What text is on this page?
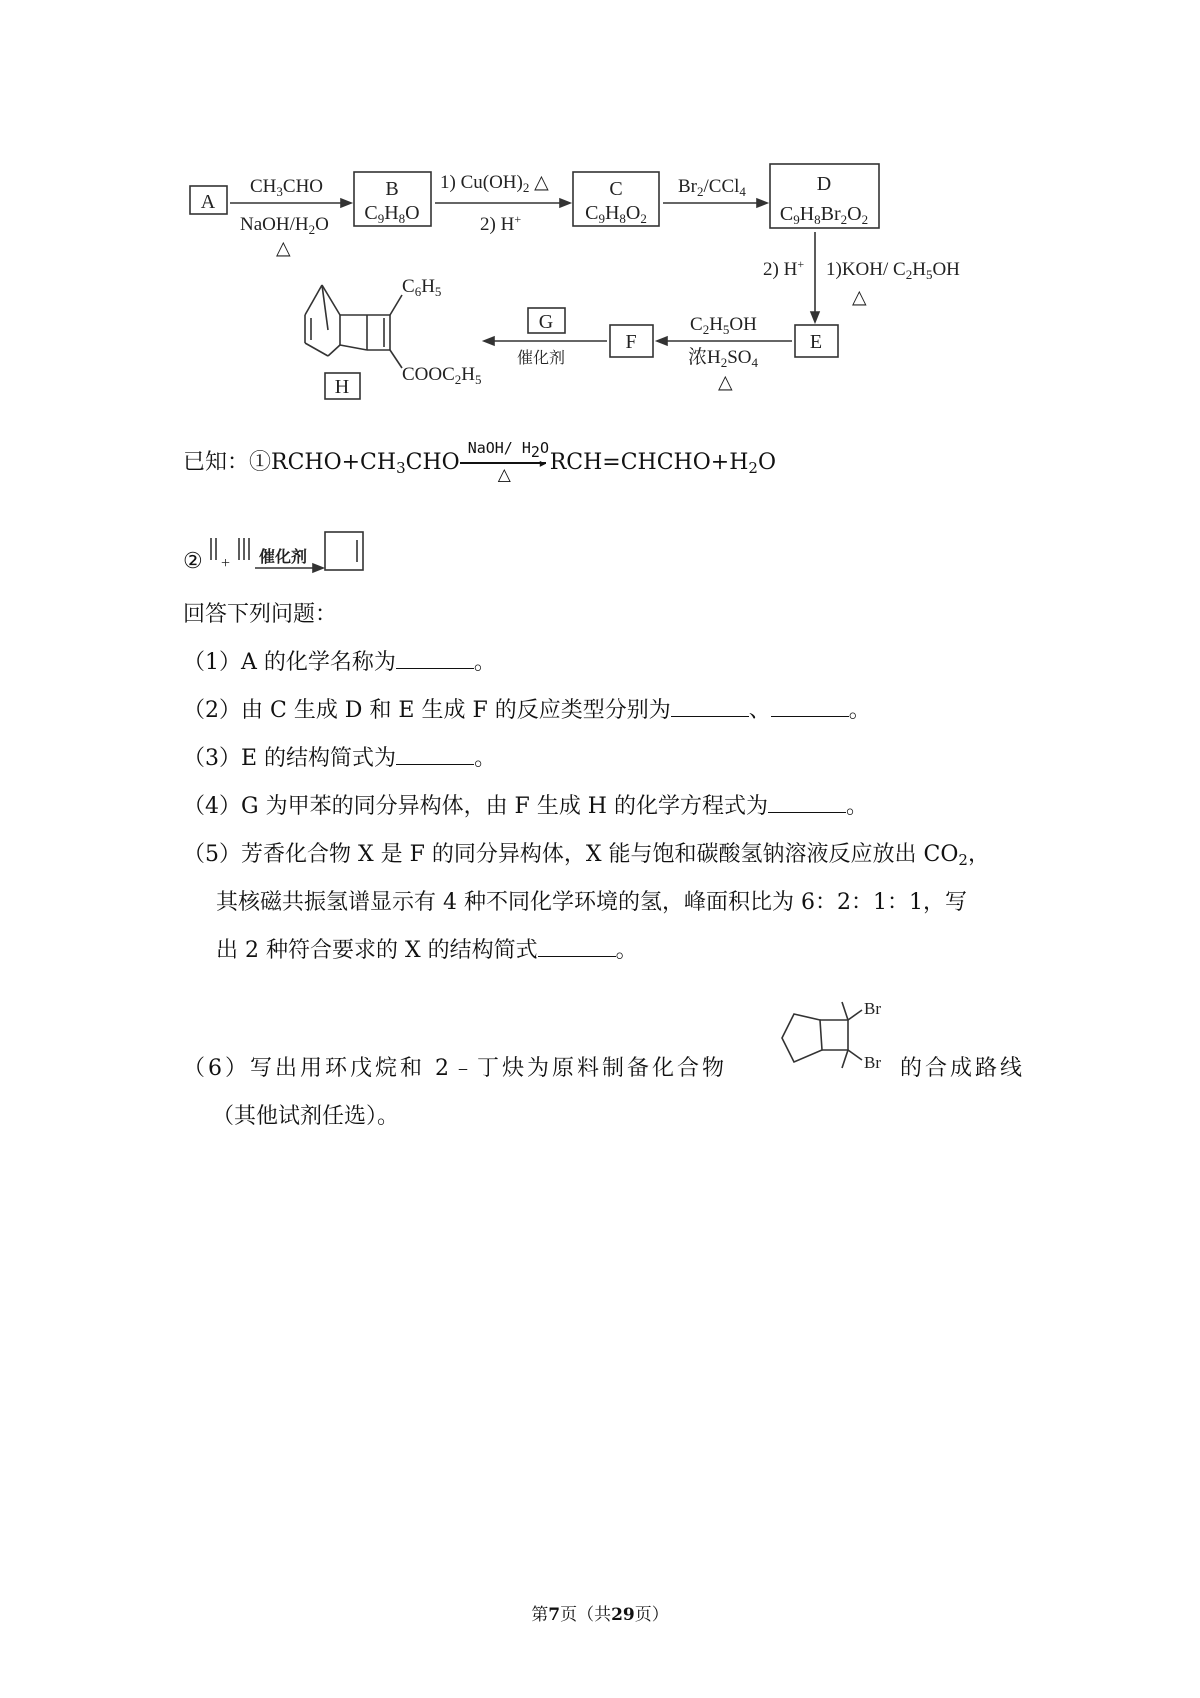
A
B
$C_9H_8O$
C
$C_9H_8O_2$
D
$C_9H_8Br_2O_2$
E
F
G
H
$CH_3CHO$
NaOH/$H_2O$
△
1) $Cu(OH)_2$ △
2) H+
$Br_2/CCl_4$
2) H+ 1)KOH/ $C_2H_5OH$
△
$C_2H_5OH$
浓$H_2SO_4$
△
催化剂
$C_6H_5$
$COOC_2H_5$
已知：$①RCHO+CH_3CHO$
NaOH/ $H_2O$
▸
△ $RCH=CHCHO+H_2O$
② + 催化剂
回答下列问题：
（1）A 的化学名称为	。
（2）由 C 生成 D 和 E 生成 F 的反应类型分别为	、	。
（3）E 的结构简式为	。
（4）G 为甲苯的同分异构体，由 F 生成 H 的化学方程式为	。
（5）芳香化合物 X 是 F 的同分异构体，X 能与饱和碳酸氢钠溶液反应放出 $CO_2$，
其核磁共振氢谱显示有 4 种不同化学环境的氢，峰面积比为 6：2：1：1，写
出 2 种符合要求的 X 的结构简式	。
（6）写出用环戊烷和 2﹣丁炔为原料制备化合物
Br
Br 的合成路线
（其他试剂任选）。
第7页（共29页）
